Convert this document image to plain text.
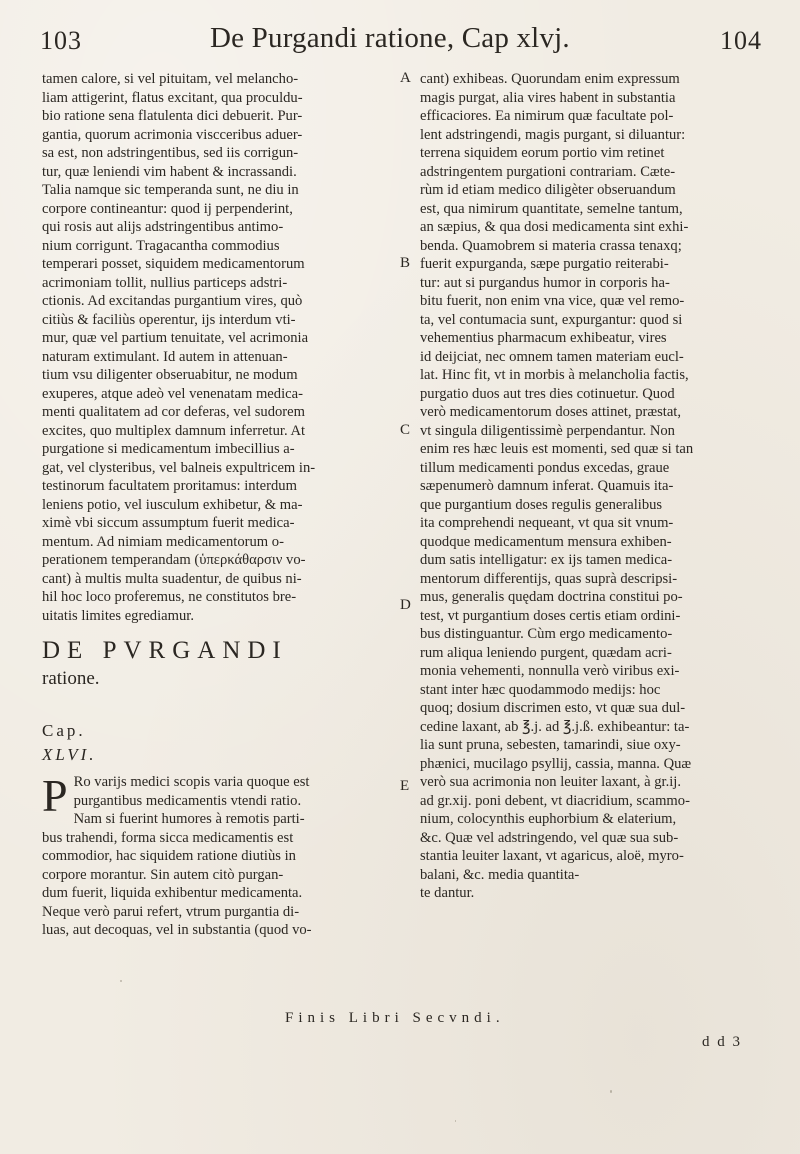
103	De Purgandi ratione, Cap xlvj.	104

tamen calore, si vel pituitam, vel melancho-
liam attigerint, flatus excitant, qua proculdu-
bio ratione sena flatulenta dici debuerit. Pur-
gantia, quorum acrimonia viscceribus aduer-
sa est, non adstringentibus, sed iis corrigun-
tur, quæ leniendi vim habent & incrassandi.
Talia namque sic temperanda sunt, ne diu in
corpore contineantur: quod ij perpenderint,
qui rosis aut alijs adstringentibus antimo-
nium corrigunt. Tragacantha commodius
temperari posset, siquidem medicamentorum
acrimoniam tollit, nullius particeps adstri-
ctionis. Ad excitandas purgantium vires, quò
citiùs & faciliùs operentur, ijs interdum vti-
mur, quæ vel partium tenuitate, vel acrimonia
naturam extimulant. Id autem in attenuan-
tium vsu diligenter obseruabitur, ne modum
exuperes, atque adeò vel venenatam medica-
menti qualitatem ad cor deferas, vel sudorem
excites, quo multiplex damnum inferretur. At
purgatione si medicamentum imbecillius a-
gat, vel clysteribus, vel balneis expultricem in-
testinorum facultatem proritamus: interdum
leniens potio, vel iusculum exhibetur, & ma-
ximè vbi siccum assumptum fuerit medica-
mentum. Ad nimiam medicamentorum o-
perationem temperandam (ὑπερκάθαρσιν vo-
cant) à multis multa suadentur, de quibus ni-
hil hoc loco proferemus, ne constitutos bre-
uitatis limites egrediamur.

DE PVRGANDI

ratione.

Cap.
XLVI.

P Ro varijs medici scopis varia quoque est
purgantibus medicamentis vtendi ratio.
Nam si fuerint humores à remotis parti-
bus trahendi, forma sicca medicamentis est
commodior, hac siquidem ratione diutiùs in
corpore morantur. Sin autem citò purgan-
dum fuerit, liquida exhibentur medicamenta.
Neque verò parui refert, vtrum purgantia di-
luas, aut decoquas, vel in substantia (quod vo-

A
B
C
D
E

cant) exhibeas. Quorundam enim expressum
magis purgat, alia vires habent in substantia
efficaciores. Ea nimirum quæ facultate pol-
lent adstringendi, magis purgant, si diluantur:
terrena siquidem eorum portio vim retinet
adstringentem purgationi contrariam. Cæte-
rùm id etiam medico diligèter obseruandum
est, qua nimirum quantitate, semelne tantum,
an sæpius, & qua dosi medicamenta sint exhi-
benda. Quamobrem si materia crassa tenaxq;
fuerit expurganda, sæpe purgatio reiterabi-
tur: aut si purgandus humor in corporis ha-
bitu fuerit, non enim vna vice, quæ vel remo-
ta, vel contumacia sunt, expurgantur: quod si
vehementius pharmacum exhibeatur, vires
id deijciat, nec omnem tamen materiam eucl-
lat. Hinc fit, vt in morbis à melancholia factis,
purgatio duos aut tres dies cotinuetur. Quod
verò medicamentorum doses attinet, præstat,
vt singula diligentissimè perpendantur. Non
enim res hæc leuis est momenti, sed quæ si tan
tillum medicamenti pondus excedas, graue
sæpenumerò damnum inferat. Quamuis ita-
que purgantium doses regulis generalibus
ita comprehendi nequeant, vt qua sit vnum-
quodque medicamentum mensura exhiben-
dum satis intelligatur: ex ijs tamen medica-
mentorum differentijs, quas suprà descripsi-
mus, generalis quędam doctrina constitui po-
test, vt purgantium doses certis etiam ordini-
bus distinguantur. Cùm ergo medicamento-
rum aliqua leniendo purgent, quædam acri-
monia vehementi, nonnulla verò viribus exi-
stant inter hæc quodammodo medijs: hoc
quoq; dosium discrimen esto, vt quæ sua dul-
cedine laxant, ab ℥.j. ad ℥.j.ß. exhibeantur: ta-
lia sunt pruna, sebesten, tamarindi, siue oxy-
phænici, mucilago psyllij, cassia, manna. Quæ
verò sua acrimonia non leuiter laxant, à gr.ij.
ad gr.xij. poni debent, vt diacridium, scammo-
nium, colocynthis euphorbium & elaterium,
&c. Quæ vel adstringendo, vel quæ sua sub-
stantia leuiter laxant, vt agaricus, aloë, myro-
balani, &c. media quantita-
te dantur.

Finis Libri Secvndi.
d d 3
